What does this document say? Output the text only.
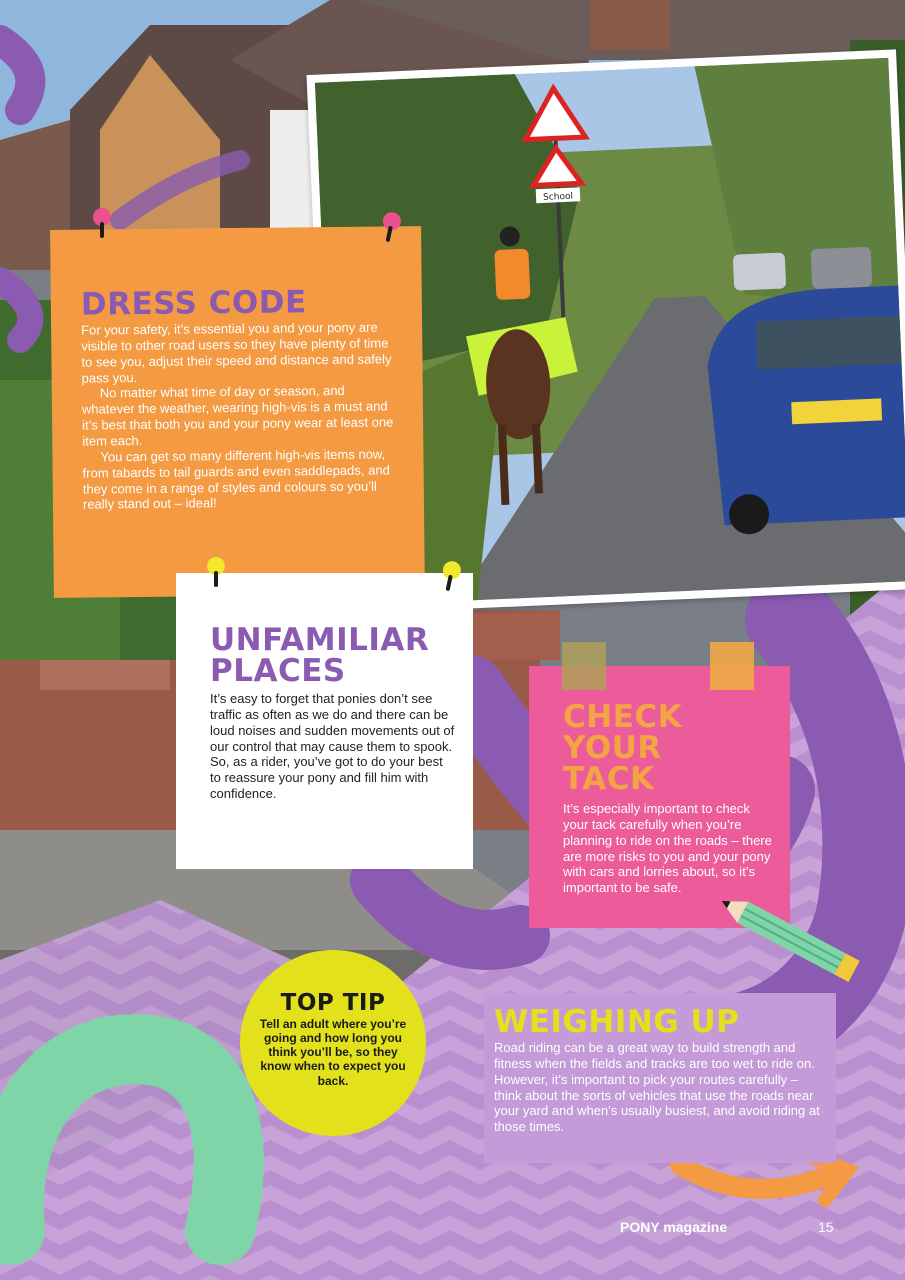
School
DRESS CODE

For your safety, it’s essential you and your pony are visible to other road users so they have plenty of time to see you, adjust their speed and distance and safely pass you.

No matter what time of day or season, and whatever the weather, wearing high-vis is a must and it’s best that both you and your pony wear at least one item each.

You can get so many different high-vis items now, from tabards to tail guards and even saddlepads, and they come in a range of styles and colours so you’ll really stand out – ideal!

UNFAMILIAR
PLACES

It’s easy to forget that ponies don’t see traffic as often as we do and there can be loud noises and sudden movements out of our control that may cause them to spook. So, as a rider, you’ve got to do your best to reassure your pony and fill him with confidence.

CHECK YOUR
TACK

It’s especially important to check your tack carefully when you’re planning to ride on the roads – there are more risks to you and your pony with cars and lorries about, so it’s important to be safe.

TOP TIP

Tell an adult where you’re going and how long you think you’ll be, so they know when to expect you back.

WEIGHING UP

Road riding can be a great way to build strength and fitness when the fields and tracks are too wet to ride on. However, it’s important to pick your routes carefully – think about the sorts of vehicles that use the roads near your yard and when’s usually busiest, and avoid riding at those times.

PONY magazine	15
